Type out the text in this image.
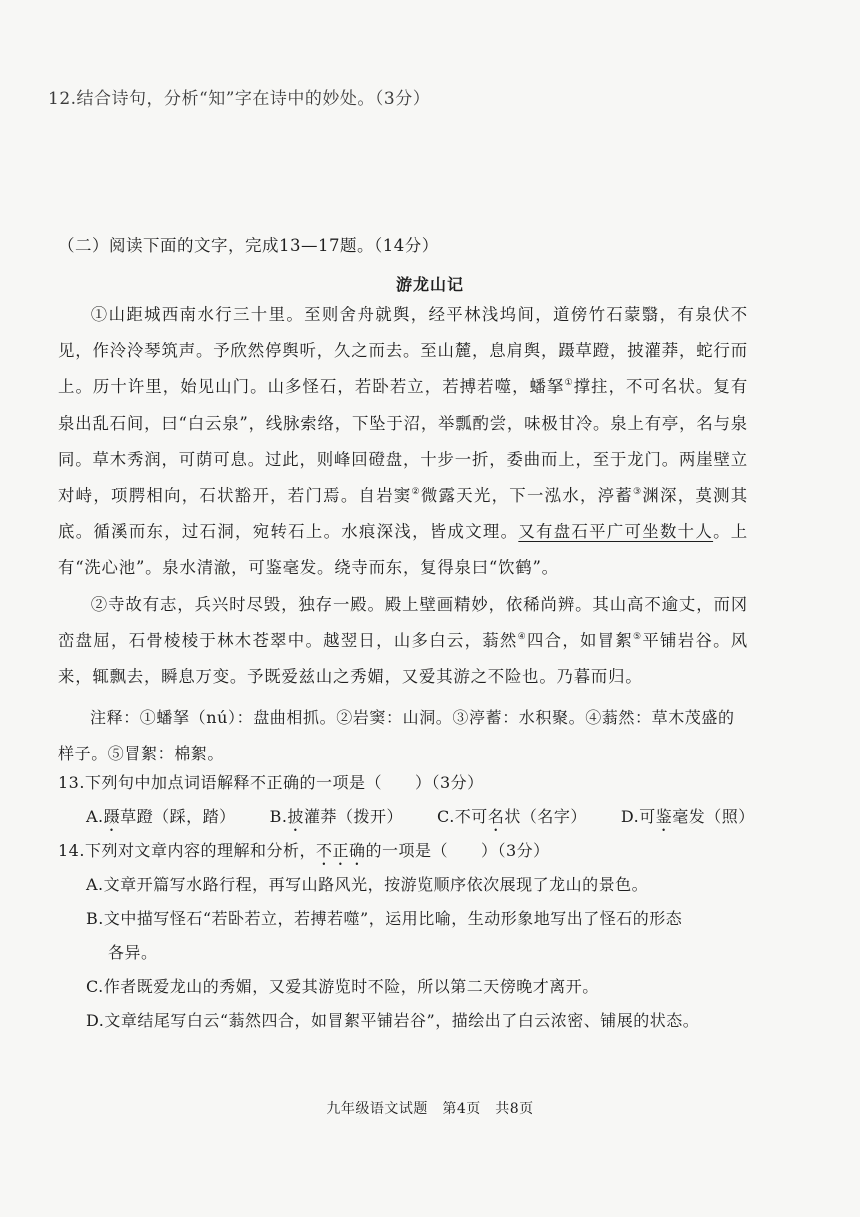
12.结合诗句，分析“知”字在诗中的妙处。（3分）
（二）阅读下面的文字，完成13—17题。（14分）
游龙山记

①山距城西南水行三十里。至则舍舟就舆，经平林浅坞间，道傍竹石蒙翳，有泉伏不见，作泠泠琴筑声。予欣然停舆听，久之而去。至山麓，息肩舆，蹑草蹬，披灌莽，蛇行而上。历十许里，始见山门。山多怪石，若卧若立，若搏若噬，蟠拏①撑拄，不可名状。复有泉出乱石间，曰“白云泉”，线脉索络，下坠于沼，举瓢酌尝，味极甘冷。泉上有亭，名与泉同。草木秀润，可荫可息。过此，则峰回磴盘，十步一折，委曲而上，至于龙门。两崖壁立对峙，项腭相向，石状豁开，若门焉。自岩窦②微露天光，下一泓水，渟蓄③渊深，莫测其底。循溪而东，过石洞，宛转石上。水痕深浅，皆成文理。又有盘石平广可坐数十人。上有“洗心池”。泉水清澈，可鉴毫发。绕寺而东，复得泉曰“饮鹤”。

②寺故有志，兵兴时尽毁，独存一殿。殿上壁画精妙，依稀尚辨。其山高不逾丈，而冈峦盘屈，石骨棱棱于林木苍翠中。越翌日，山多白云，蓊然④四合，如冒絮⑤平铺岩谷。风来，辄飘去，瞬息万变。予既爱兹山之秀媚，又爱其游之不险也。乃暮而归。

注释：①蟠拏（nú）：盘曲相抓。②岩窦：山洞。③渟蓄：水积聚。④蓊然：草木茂盛的样子。⑤冒絮：棉絮。

13.下列句中加点词语解释不正确的一项是（　　）（3分）
A.蹑草蹬（踩，踏） B.披灌莽（拨开） C.不可名状（名字） D.可鉴毫发（照）
14.下列对文章内容的理解和分析，不正确的一项是（　　）（3分）
A.文章开篇写水路行程，再写山路风光，按游览顺序依次展现了龙山的景色。
B.文中描写怪石“若卧若立，若搏若噬”，运用比喻，生动形象地写出了怪石的形态
各异。
C.作者既爱龙山的秀媚，又爱其游览时不险，所以第二天傍晚才离开。
D.文章结尾写白云“蓊然四合，如冒絮平铺岩谷”，描绘出了白云浓密、铺展的状态。
九年级语文试题　第4页　共8页
